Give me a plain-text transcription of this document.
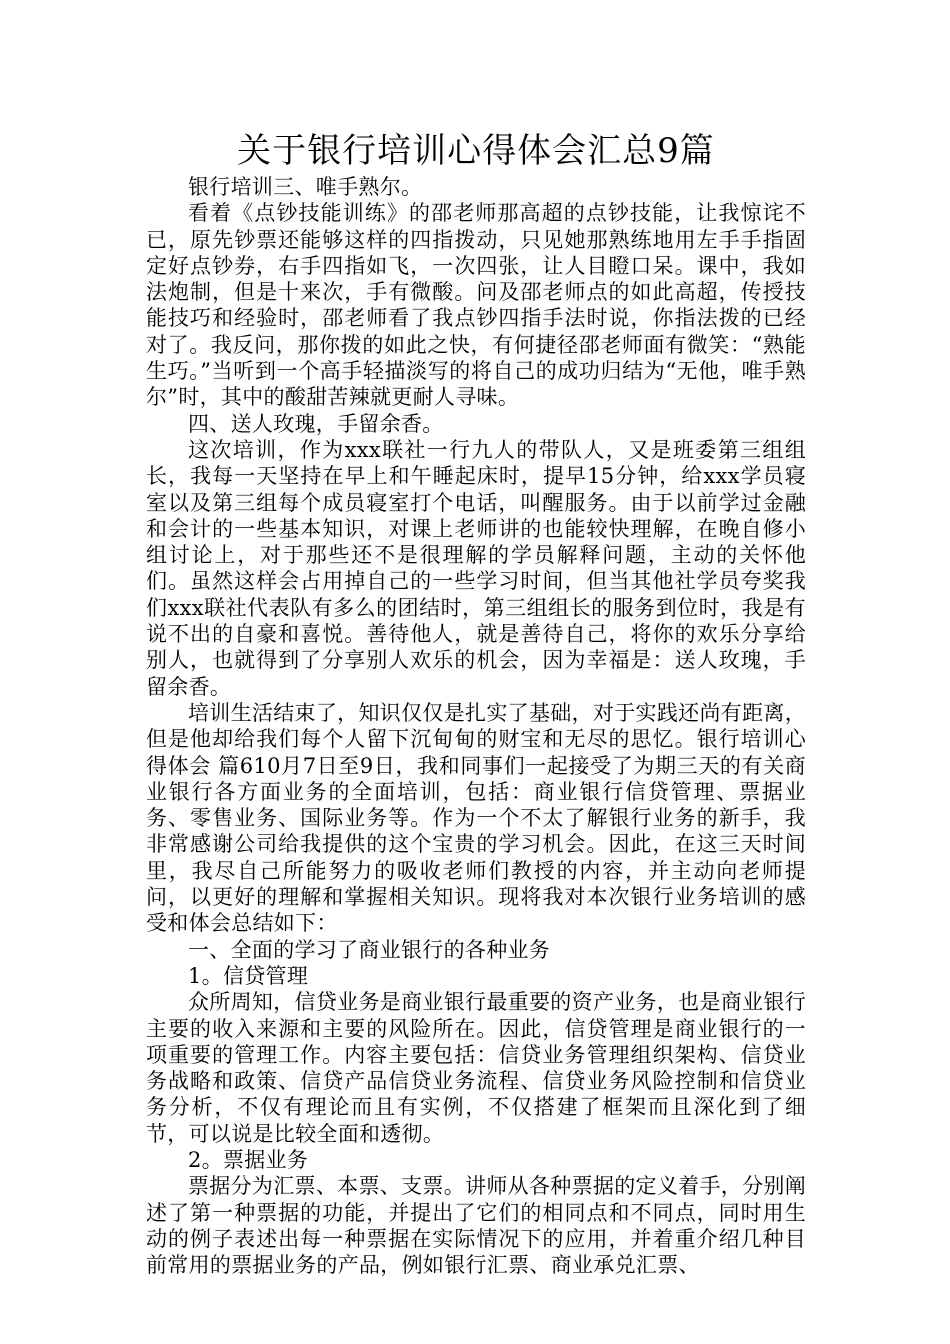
关于银行培训心得体会汇总9篇

银行培训三、唯手熟尔。

看着《点钞技能训练》的邵老师那高超的点钞技能，让我惊诧不已，原先钞票还能够这样的四指拨动，只见她那熟练地用左手手指固定好点钞券，右手四指如飞，一次四张，让人目瞪口呆。课中，我如法炮制，但是十来次，手有微酸。问及邵老师点的如此高超，传授技能技巧和经验时，邵老师看了我点钞四指手法时说，你指法拨的已经对了。我反问，那你拨的如此之快，有何捷径邵老师面有微笑：“熟能生巧。”当听到一个高手轻描淡写的将自己的成功归结为“无他，唯手熟尔”时，其中的酸甜苦辣就更耐人寻味。

四、送人玫瑰，手留余香。

这次培训，作为xxx联社一行九人的带队人，又是班委第三组组长，我每一天坚持在早上和午睡起床时，提早15分钟，给xxx学员寝室以及第三组每个成员寝室打个电话，叫醒服务。由于以前学过金融和会计的一些基本知识，对课上老师讲的也能较快理解，在晚自修小组讨论上，对于那些还不是很理解的学员解释问题，主动的关怀他们。虽然这样会占用掉自己的一些学习时间，但当其他社学员夸奖我们xxx联社代表队有多么的团结时，第三组组长的服务到位时，我是有说不出的自豪和喜悦。善待他人，就是善待自己，将你的欢乐分享给别人，也就得到了分享别人欢乐的机会，因为幸福是：送人玫瑰，手留余香。

培训生活结束了，知识仅仅是扎实了基础，对于实践还尚有距离，但是他却给我们每个人留下沉甸甸的财宝和无尽的思忆。银行培训心得体会 篇610月7日至9日，我和同事们一起接受了为期三天的有关商业银行各方面业务的全面培训，包括：商业银行信贷管理、票据业务、零售业务、国际业务等。作为一个不太了解银行业务的新手，我非常感谢公司给我提供的这个宝贵的学习机会。因此，在这三天时间里，我尽自己所能努力的吸收老师们教授的内容，并主动向老师提问，以更好的理解和掌握相关知识。现将我对本次银行业务培训的感受和体会总结如下：

一、全面的学习了商业银行的各种业务

1。信贷管理

众所周知，信贷业务是商业银行最重要的资产业务，也是商业银行主要的收入来源和主要的风险所在。因此，信贷管理是商业银行的一项重要的管理工作。内容主要包括：信贷业务管理组织架构、信贷业务战略和政策、信贷产品信贷业务流程、信贷业务风险控制和信贷业务分析，不仅有理论而且有实例，不仅搭建了框架而且深化到了细节，可以说是比较全面和透彻。

2。票据业务

票据分为汇票、本票、支票。讲师从各种票据的定义着手，分别阐述了第一种票据的功能，并提出了它们的相同点和不同点，同时用生动的例子表述出每一种票据在实际情况下的应用，并着重介绍几种目前常用的票据业务的产品，例如银行汇票、商业承兑汇票、
